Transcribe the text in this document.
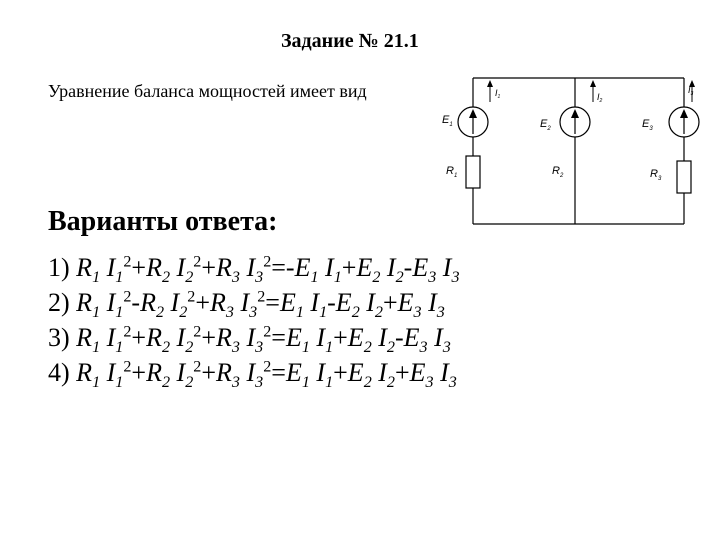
Задание № 21.1
Уравнение баланса мощностей имеет вид
$E_1$	$E_2$	$E_3$
$R_1$	$R_2$	$R_3$
$I_1$	$I_2$
$I_3$
Варианты ответа:
1) $R_1$ $I_1^2+R_2$ $I_2^2+R_3$ $I_3^2=-E_1$ $I_1+E_2$ $I_2-E_3$ $I_3$
2) $R_1$ $I_1^2-R_2$ $I_2^2+R_3$ $I_3^2=E_1$ $I_1-E_2$ $I_2+E_3$ $I_3$
3) $R_1$ $I_1^2+R_2$ $I_2^2+R_3$ $I_3^2=E_1$ $I_1+E_2$ $I_2-E_3$ $I_3$
4) $R_1$ $I_1^2+R_2$ $I_2^2+R_3$ $I_3^2=E_1$ $I_1+E_2$ $I_2+E_3$ $I_3$
